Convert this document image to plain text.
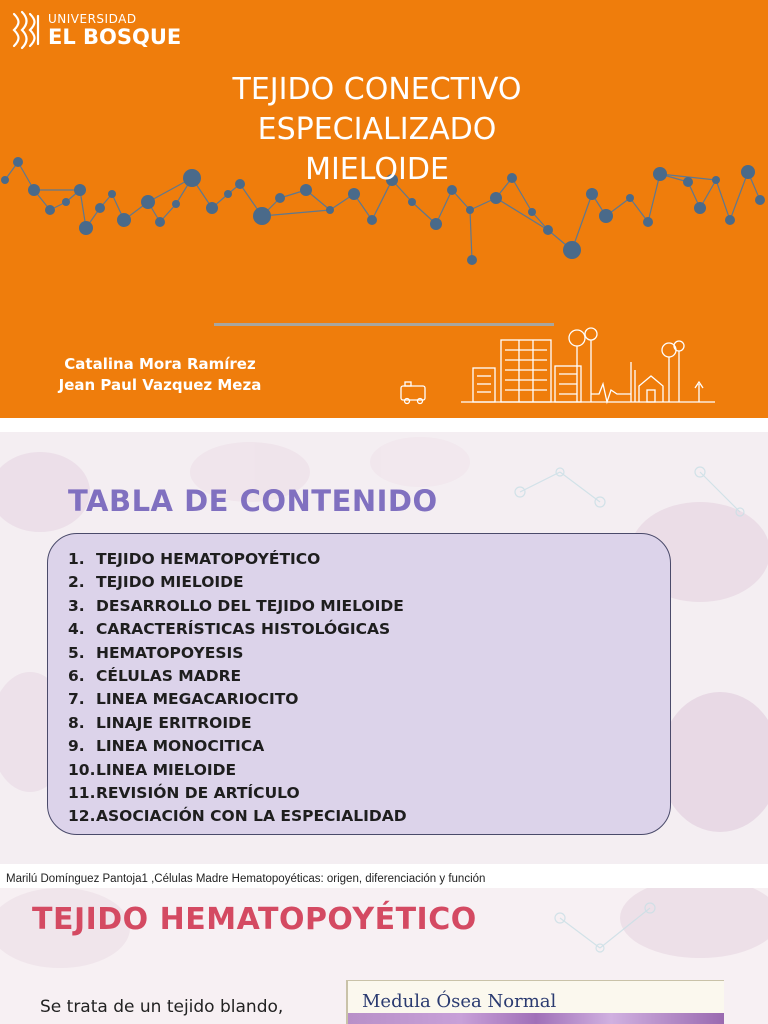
UNIVERSIDAD
EL BOSQUE
TEJIDO CONECTIVO
ESPECIALIZADO
MIELOIDE
Catalina Mora Ramírez
Jean Paul Vazquez Meza
TABLA DE CONTENIDO
1. TEJIDO HEMATOPOYÉTICO
2. TEJIDO MIELOIDE
3. DESARROLLO DEL TEJIDO MIELOIDE
4. CARACTERÍSTICAS HISTOLÓGICAS
5. HEMATOPOYESIS
6. CÉLULAS MADRE
7. LINEA MEGACARIOCITO
8. LINAJE ERITROIDE
9. LINEA MONOCITICA
10.LINEA MIELOIDE
11.REVISIÓN DE ARTÍCULO
12.ASOCIACIÓN CON LA ESPECIALIDAD
Marilú Domínguez Pantoja1 ,Células Madre Hematopoyéticas: origen, diferenciación y función
TEJIDO HEMATOPOYÉTICO
Se trata de un tejido blando,	Medula Ósea Normal
